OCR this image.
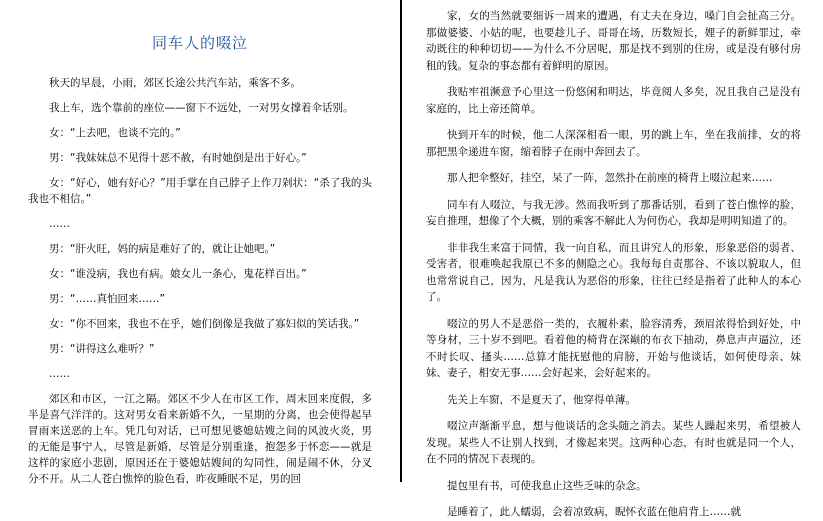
同车人的啜泣

秋天的早晨，小雨，郊区长途公共汽车站，乘客不多。

我上车，选个靠前的座位——窗下不远处，一对男女撑着伞话别。

女：“上去吧，也谈不完的。”

男：“我妹妹总不见得十恶不赦，有时她倒是出于好心。”

女：“好心，她有好心？”用手掌在自己脖子上作刀剁状：“杀了我的头我也不相信。”

……

男：“肝火旺，妈的病是难好了的，就让让她吧。”

女：“谁没病，我也有病。娘女儿一条心，鬼花样百出。”

男：“……真怕回来……”

女：“你不回来，我也不在乎，她们倒像是我做了寡妇似的笑话我。”

男：“讲得这么难听？”

……

郊区和市区，一江之隔。郊区不少人在市区工作，周末回来度假，多半是喜气洋洋的。这对男女看来新婚不久，一星期的分离，也会使得起早冒雨来送恶的上车。凭几句对话，已可想见婆媳姑嫂之间的风波火炎，男的无能是事宁人，尽管是新婚，尽管是分别重逢，抱怨多于怀恋——就是这样的家庭小悲剧，原因还在于婆媳姑嫂间的勾同性，闹是闹不休，分叉分不开。从二人苍白憔悴的脸色看，昨夜睡眠不足，男的回

家，女的当然就要细诉一周来的遭遇，有丈夫在身边，嗓门自会扯高三分。那做婆婆、小姑的呢，也要趁儿子、哥哥在场，历数短长，娌子的新鲜罪过，牵动既往的种种切切——为什么不分居呢，那是找不到别的住房，或是没有够付房租的钱。复杂的事态都有着鲜明的原因。

我贴牢祖濒意予心里这一份悠闲和明达，毕竟阅人多矣，况且我自己是没有家庭的，比上帝还简单。

快到开车的时候，他二人深深相看一眼，男的跳上车，坐在我前排，女的将那把黑伞递进车窗，缩着脖子在雨中奔回去了。

那人把伞整好，挂空，呆了一阵，忽然扑在前座的椅背上啜泣起来……

同车有人啜泣，与我无涉。然而我听到了那番话别，看到了苍白憔悴的脸，妄自推理，想像了个大概，别的乘客不解此人为何伤心，我却是明明知道了的。

非非我生来富于同情，我一向自私，而且讲究人的形象，形象恶俗的弱者、受害者，很难唤起我原已不多的侧隐之心。我每每自责那谷、不该以貌取人，但也常常说自己，因为，凡是我认为恶俗的形象，往往已经是指着了此种人的本心了。

啜泣的男人不是恶俗一类的，衣履朴素，脸容清秀，颈眉浓得恰到好处，中等身材，三十岁不到吧。看着他的椅背在深巅的布衣下抽动，鼻息声声逼泣，还不时长叹、搔头……总算才能抚慰他的肩膀，开始与他谈话，如何使母亲、妹妹、妻子，相安无事……会好起来，会好起来的。

先关上车窗，不是夏天了，他穿得单薄。

啜泣声渐渐平息，想与他谈话的念头随之消去。某些人躁起来男，希望被人发现。某些人不让别人找到，才像起来哭。这两种心态，有时也就是同一个人，在不同的情况下表现的。

提包里有书，可使我息止这些乏味的杂念。

是睡着了，此人蠕弱，会着凉致病，睨怀衣蓝在他肩背上……就
